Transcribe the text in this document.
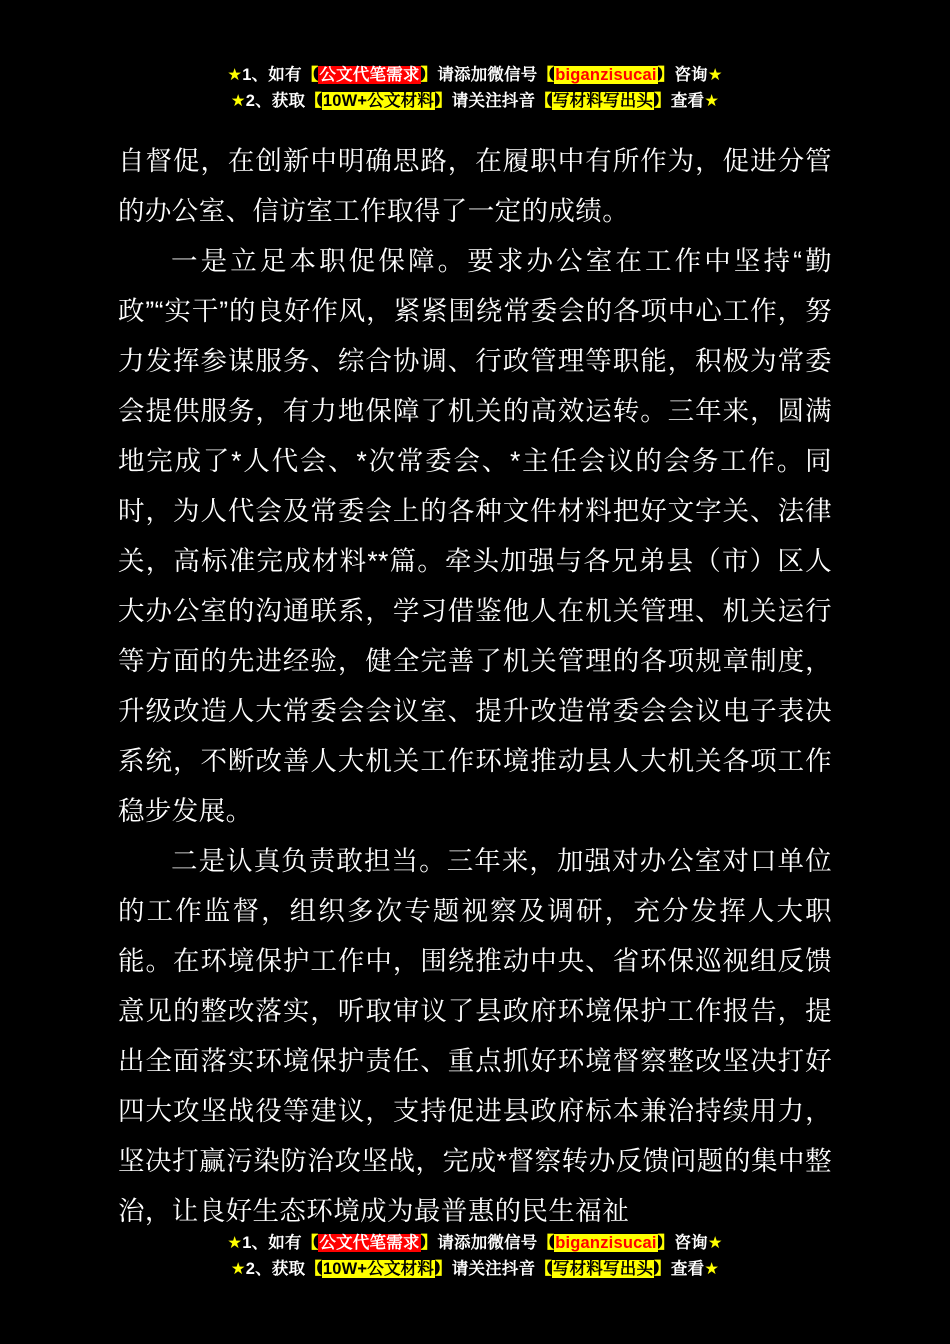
★1、如有【公文代笔需求】请添加微信号【biganzisucai】咨询★
★2、获取【10W+公文材料】请关注抖音【写材料写出头】查看★

自督促，在创新中明确思路，在履职中有所作为，促进分管的办公室、信访室工作取得了一定的成绩。

一是立足本职促保障。要求办公室在工作中坚持“勤政”“实干”的良好作风，紧紧围绕常委会的各项中心工作，努力发挥参谋服务、综合协调、行政管理等职能，积极为常委会提供服务，有力地保障了机关的高效运转。三年来，圆满地完成了*人代会、*次常委会、*主任会议的会务工作。同时，为人代会及常委会上的各种文件材料把好文字关、法律关，高标准完成材料**篇。牵头加强与各兄弟县（市）区人大办公室的沟通联系，学习借鉴他人在机关管理、机关运行等方面的先进经验，健全完善了机关管理的各项规章制度，升级改造人大常委会会议室、提升改造常委会会议电子表决系统，不断改善人大机关工作环境推动县人大机关各项工作稳步发展。

二是认真负责敢担当。三年来，加强对办公室对口单位的工作监督，组织多次专题视察及调研，充分发挥人大职能。在环境保护工作中，围绕推动中央、省环保巡视组反馈意见的整改落实，听取审议了县政府环境保护工作报告，提出全面落实环境保护责任、重点抓好环境督察整改坚决打好四大攻坚战役等建议，支持促进县政府标本兼治持续用力，坚决打赢污染防治攻坚战，完成*督察转办反馈问题的集中整治，让良好生态环境成为最普惠的民生福祉

★1、如有【公文代笔需求】请添加微信号【biganzisucai】咨询★
★2、获取【10W+公文材料】请关注抖音【写材料写出头】查看★
